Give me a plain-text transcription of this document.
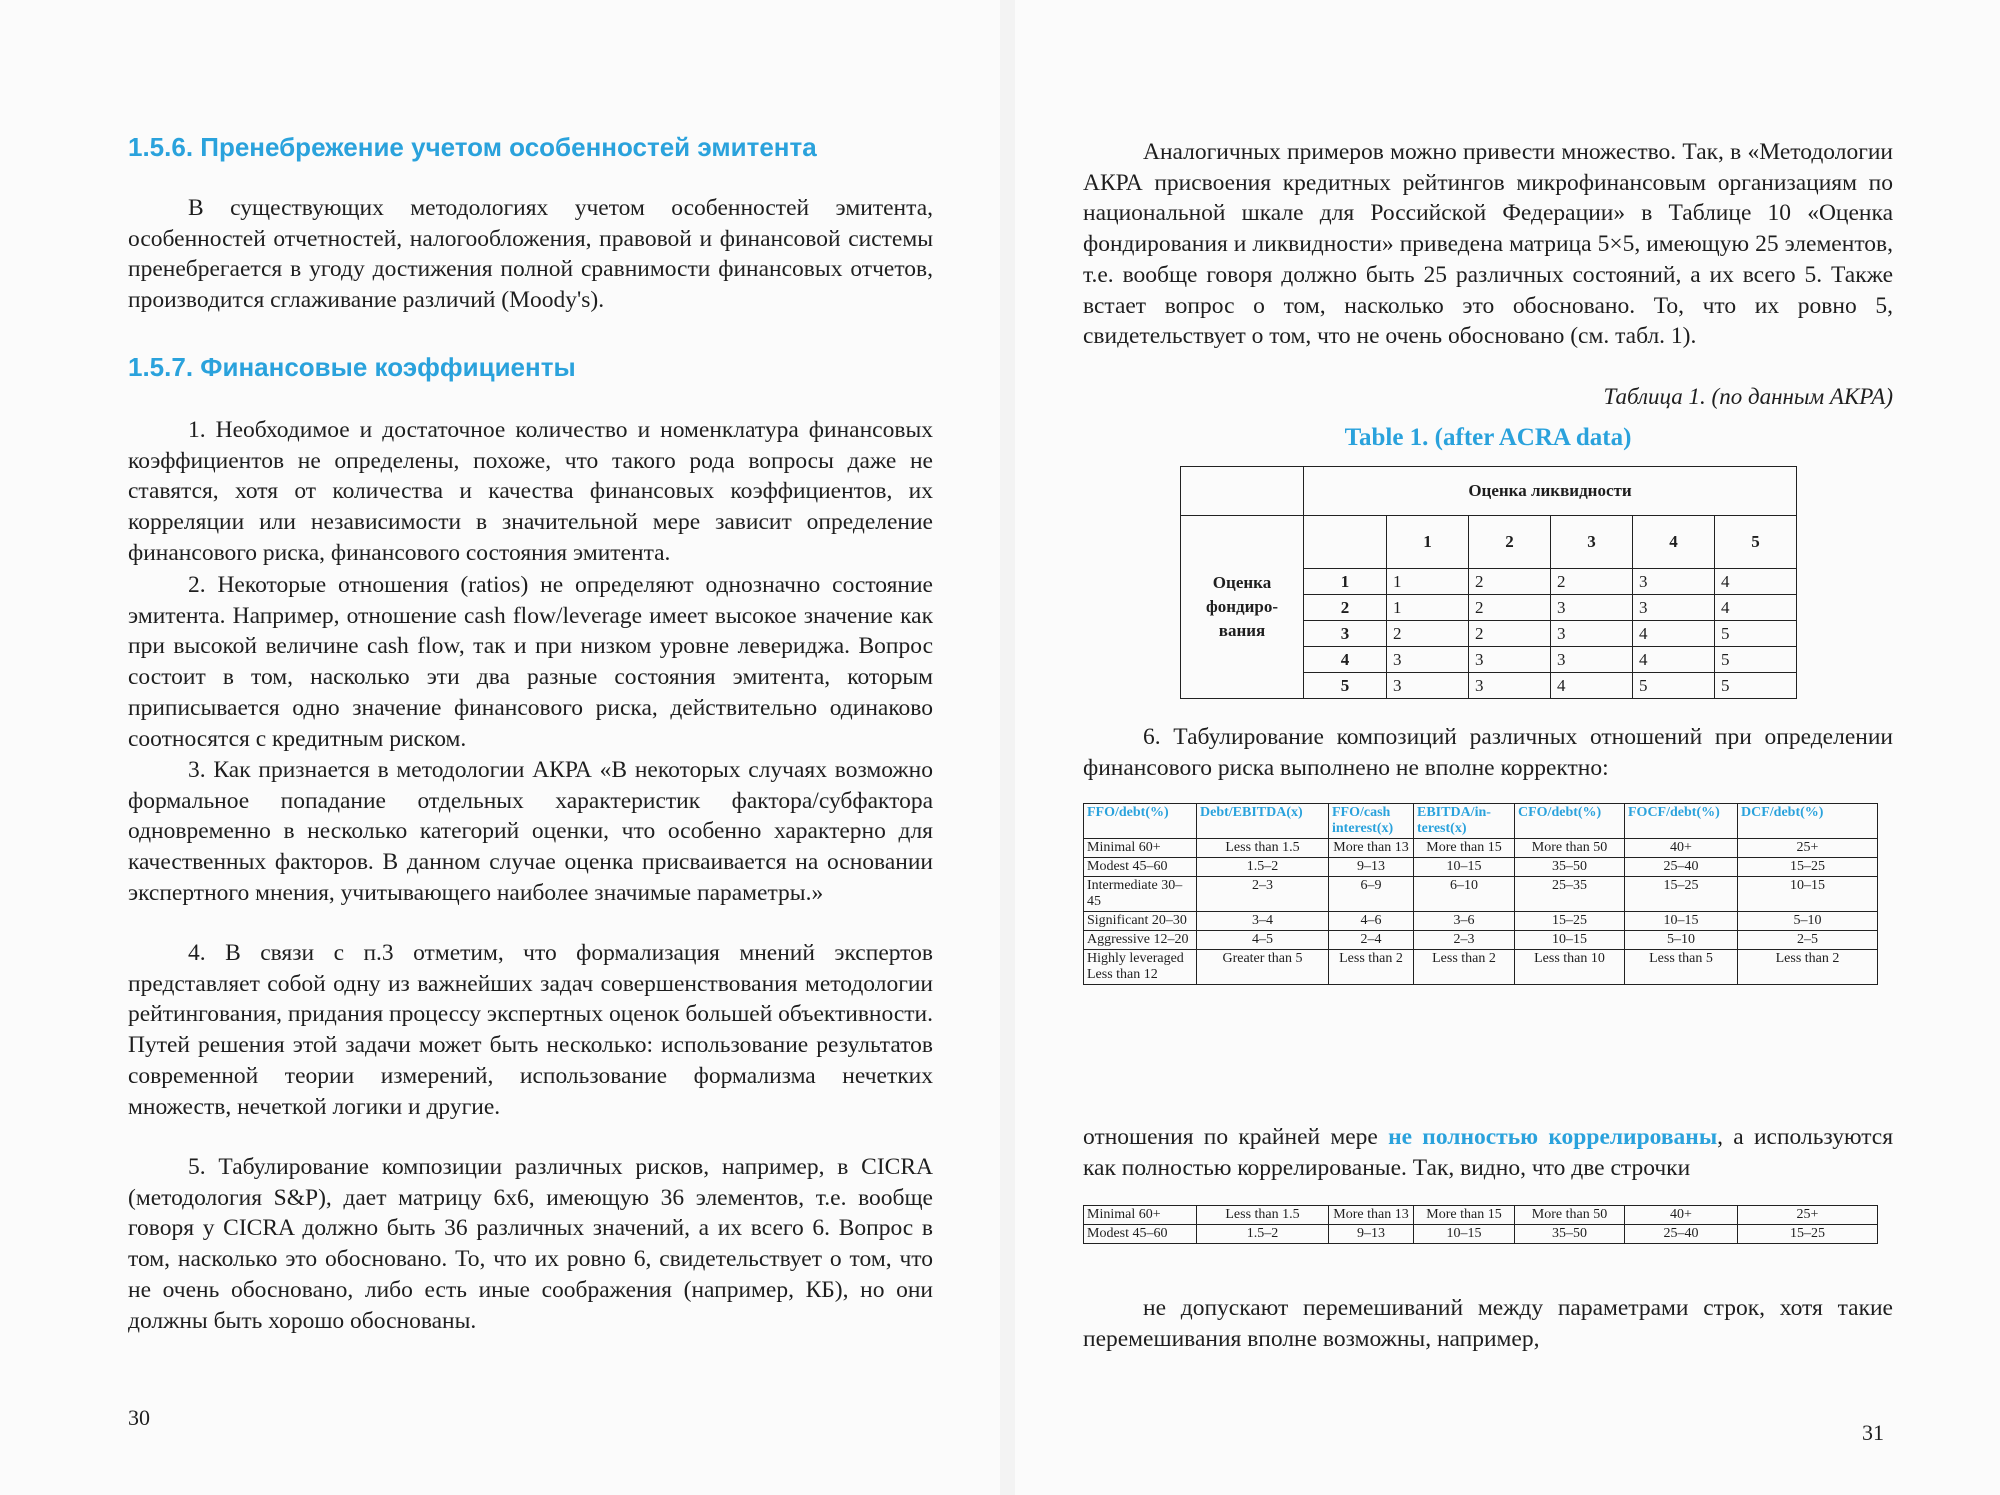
1.5.6. Пренебрежение учетом особенностей эмитента

В существующих методологиях учетом особенностей эмитента, особенностей отчетностей, налогообложения, правовой и финансовой системы пренебрегается в угоду достижения полной сравнимости финансовых отчетов, производится сглаживание различий (Moody's).

1.5.7. Финансовые коэффициенты

1. Необходимое и достаточное количество и номенклатура финансовых коэффициентов не определены, похоже, что такого рода вопросы даже не ставятся, хотя от количества и качества финансовых коэффициентов, их корреляции или независимости в значительной мере зависит определение финансового риска, финансового состояния эмитента.

2. Некоторые отношения (ratios) не определяют однозначно состояние эмитента. Например, отношение cash flow/leverage имеет высокое значение как при высокой величине cash flow, так и при низком уровне левериджа. Вопрос состоит в том, насколько эти два разные состояния эмитента, которым приписывается одно значение финансового риска, действительно одинаково соотносятся с кредитным риском.

3. Как признается в методологии АКРА «В некоторых случаях возможно формальное попадание отдельных характеристик фактора/субфактора одновременно в несколько категорий оценки, что особенно характерно для качественных факторов. В данном случае оценка присваивается на основании экспертного мнения, учитывающего наиболее значимые параметры.»

4. В связи с п.3 отметим, что формализация мнений экспертов представляет собой одну из важнейших задач совершенствования методологии рейтингования, придания процессу экспертных оценок большей объективности. Путей решения этой задачи может быть несколько: использование результатов современной теории измерений, использование формализма нечетких множеств, нечеткой логики и другие.

5. Табулирование композиции различных рисков, например, в CICRA (методология S&P), дает матрицу 6х6, имеющую 36 элементов, т.е. вообще говоря у CICRA должно быть 36 различных значений, а их всего 6. Вопрос в том, насколько это обосновано. То, что их ровно 6, свидетельствует о том, что не очень обосновано, либо есть иные соображения (например, КБ), но они должны быть хорошо обоснованы.

30

Аналогичных примеров можно привести множество. Так, в «Методологии АКРА присвоения кредитных рейтингов микрофинансовым организациям по национальной шкале для Российской Федерации» в Таблице 10 «Оценка фондирования и ликвидности» приведена матрица 5×5, имеющую 25 элементов, т.е. вообще говоря должно быть 25 различных состояний, а их всего 5. Также встает вопрос о том, насколько это обосновано. То, что их ровно 5, свидетельствует о том, что не очень обосновано (см. табл. 1).

Таблица 1. (по данным АКРА)
Table 1. (after ACRA data)
	Оценка ликвидности					
Оценка фондиро-вания		1	2	3	4	5
	1	1	2	2	3	4
	2	1	2	3	3	4
	3	2	2	3	4	5
	4	3	3	3	4	5
	5	3	3	4	5	5

6. Табулирование композиций различных отношений при определении финансового риска выполнено не вполне корректно:

FFO/debt(%)	Debt/EBITDA(x)	FFO/cash interest(x)	EBITDA/in-terest(x)	CFO/debt(%)	FOCF/debt(%)	DCF/debt(%)
Minimal 60+	Less than 1.5	More than 13	More than 15	More than 50	40+	25+
Modest 45–60	1.5–2	9–13	10–15	35–50	25–40	15–25
Intermediate 30–45	2–3	6–9	6–10	25–35	15–25	10–15
Significant 20–30	3–4	4–6	3–6	15–25	10–15	5–10
Aggressive 12–20	4–5	2–4	2–3	10–15	5–10	2–5
Highly leveraged Less than 12	Greater than 5	Less than 2	Less than 2	Less than 10	Less than 5	Less than 2

отношения по крайней мере не полностью коррелированы, а используются как полностью коррелированые. Так, видно, что две строчки

Minimal 60+	Less than 1.5	More than 13	More than 15	More than 50	40+	25+
Modest 45–60	1.5–2	9–13	10–15	35–50	25–40	15–25

не допускают перемешиваний между параметрами строк, хотя такие перемешивания вполне возможны, например,

31
